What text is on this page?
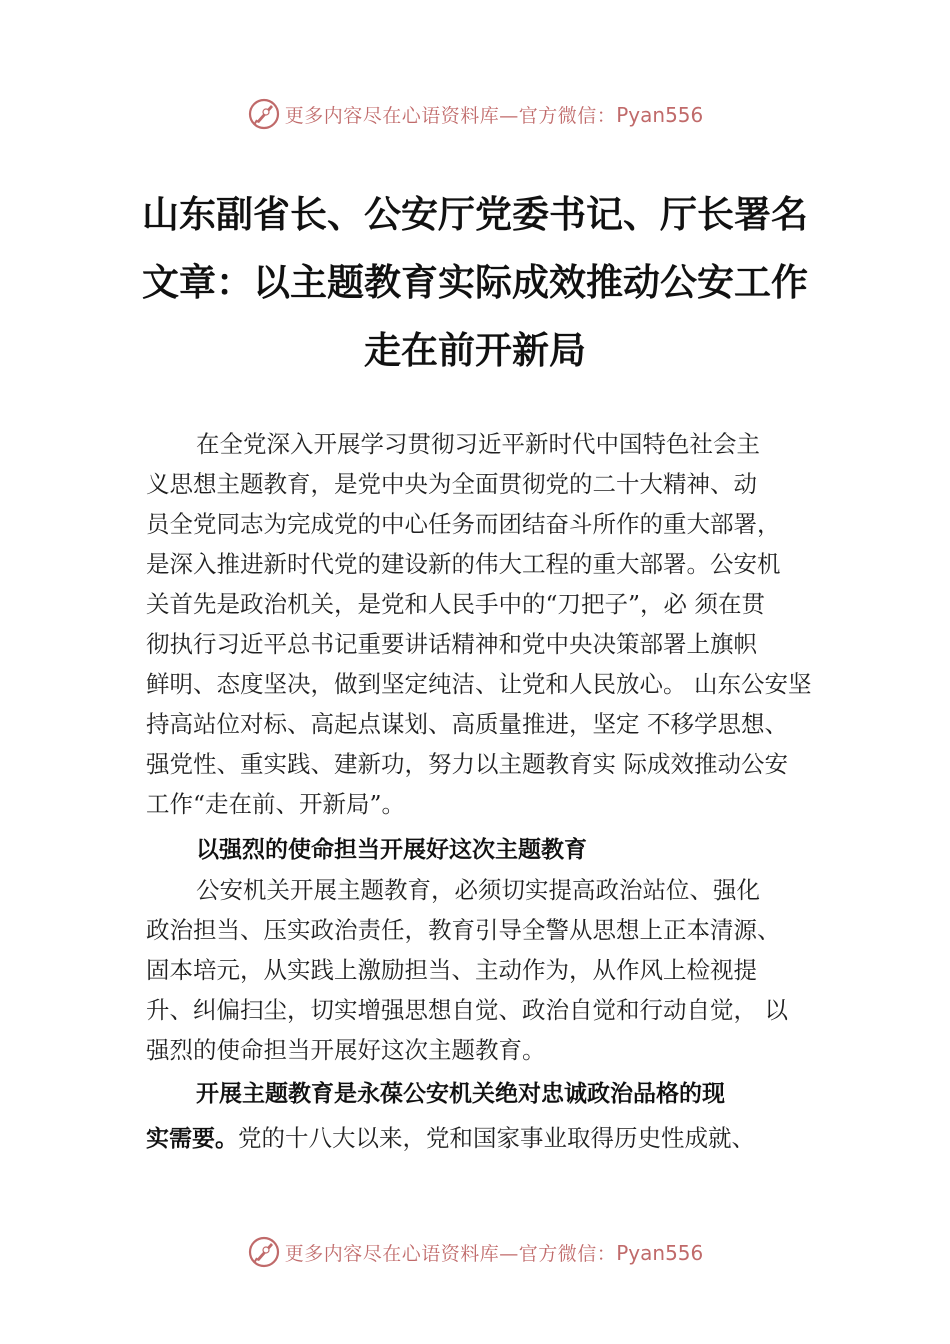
更多内容尽在心语资料库—官方微信：Pyan556
山东副省长、公安厅党委书记、厅长署名
文章：以主题教育实际成效推动公安工作
走在前开新局
在全党深入开展学习贯彻习近平新时代中国特色社会主
义思想主题教育，是党中央为全面贯彻党的二十大精神、动
员全党同志为完成党的中心任务而团结奋斗所作的重大部署，
是深入推进新时代党的建设新的伟大工程的重大部署。公安机
关首先是政治机关，是党和人民手中的“刀把子”，必 须在贯
彻执行习近平总书记重要讲话精神和党中央决策部署上旗帜
鲜明、态度坚决，做到坚定纯洁、让党和人民放心。 山东公安坚
持高站位对标、高起点谋划、高质量推进，坚定 不移学思想、
强党性、重实践、建新功，努力以主题教育实 际成效推动公安
工作“走在前、开新局”。
以强烈的使命担当开展好这次主题教育
公安机关开展主题教育，必须切实提高政治站位、强化
政治担当、压实政治责任，教育引导全警从思想上正本清源、
固本培元，从实践上激励担当、主动作为，从作风上检视提
升、纠偏扫尘，切实增强思想自觉、政治自觉和行动自觉， 以
强烈的使命担当开展好这次主题教育。
开展主题教育是永葆公安机关绝对忠诚政治品格的现
实需要。党的十八大以来，党和国家事业取得历史性成就、
更多内容尽在心语资料库—官方微信：Pyan556
